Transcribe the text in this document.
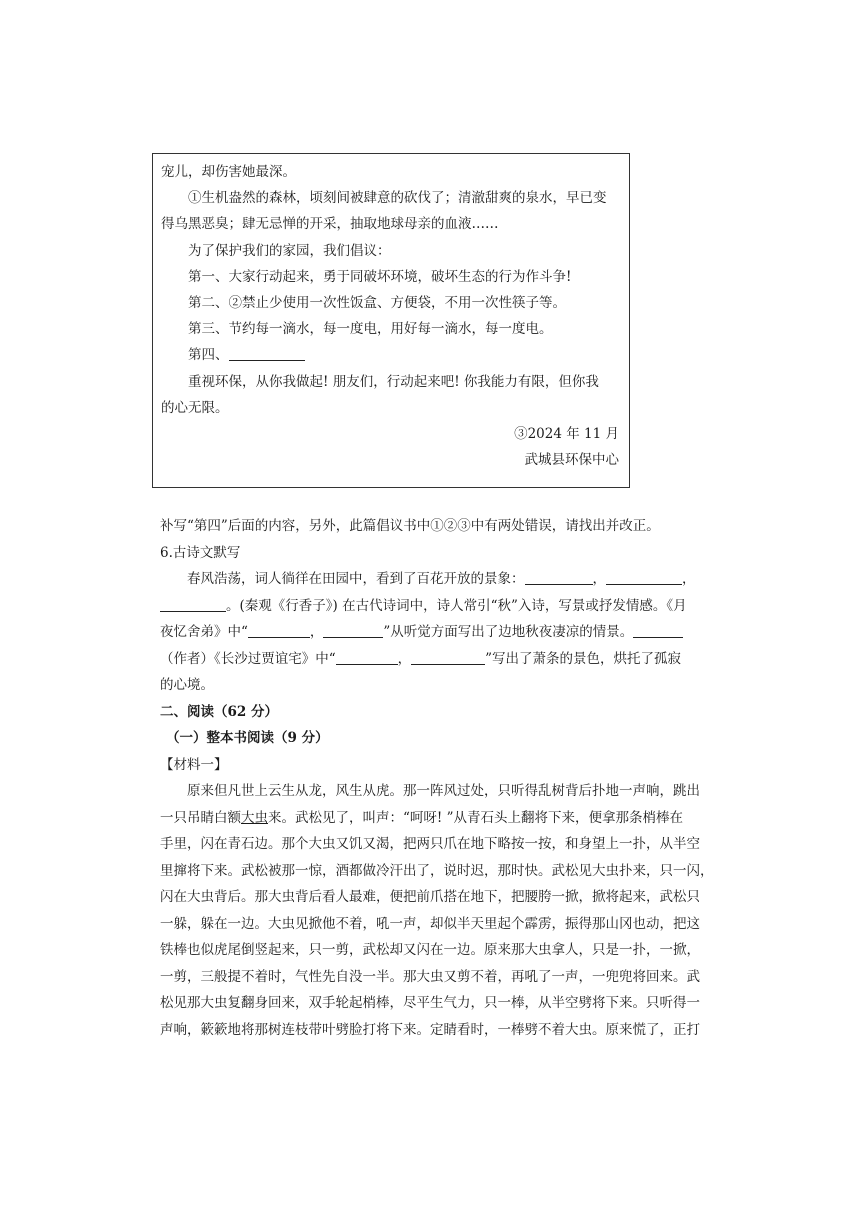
宠儿，却伤害她最深。

①生机盎然的森林，顷刻间被肆意的砍伐了；清澈甜爽的泉水，早已变

得乌黑恶臭；肆无忌惮的开采，抽取地球母亲的血液……

为了保护我们的家园，我们倡议：

第一、大家行动起来，勇于同破坏环境，破坏生态的行为作斗争!

第二、②禁止少使用一次性饭盒、方便袋，不用一次性筷子等。

第三、节约每一滴水，每一度电，用好每一滴水，每一度电。

第四、

重视环保，从你我做起! 朋友们，行动起来吧! 你我能力有限，但你我

的心无限。

③2024 年 11 月

武城县环保中心

补写“第四”后面的内容，另外，此篇倡议书中①②③中有两处错误，请找出并改正。

6.古诗文默写

春风浩荡，词人徜徉在田园中，看到了百花开放的景象：	，	，

。(秦观《行香子》) 在古代诗词中，诗人常引“秋”入诗，写景或抒发情感。《月

夜忆舍弟》中“	，	”从听觉方面写出了边地秋夜凄凉的情景。

（作者）《长沙过贾谊宅》中“	，	”写出了萧条的景色，烘托了孤寂

的心境。

二、阅读（62 分）

（一）整本书阅读（9 分）

【材料一】

原来但凡世上云生从龙，风生从虎。那一阵风过处，只听得乱树背后扑地一声响，跳出

一只吊睛白额大虫来。武松见了，叫声：“呵呀! ”从青石头上翻将下来，便拿那条梢棒在

手里，闪在青石边。那个大虫又饥又渴，把两只爪在地下略按一按，和身望上一扑，从半空

里撺将下来。武松被那一惊，酒都做冷汗出了，说时迟，那时快。武松见大虫扑来，只一闪，

闪在大虫背后。那大虫背后看人最难，便把前爪搭在地下，把腰胯一掀，掀将起来，武松只

一躲，躲在一边。大虫见掀他不着，吼一声，却似半天里起个霹雳，振得那山冈也动，把这

铁棒也似虎尾倒竖起来，只一剪，武松却又闪在一边。原来那大虫拿人，只是一扑，一掀，

一剪，三般提不着时，气性先自没一半。那大虫又剪不着，再吼了一声，一兜兜将回来。武

松见那大虫复翻身回来，双手轮起梢棒，尽平生气力，只一棒，从半空劈将下来。只听得一

声响，簌簌地将那树连枝带叶劈脸打将下来。定睛看时，一棒劈不着大虫。原来慌了，正打
